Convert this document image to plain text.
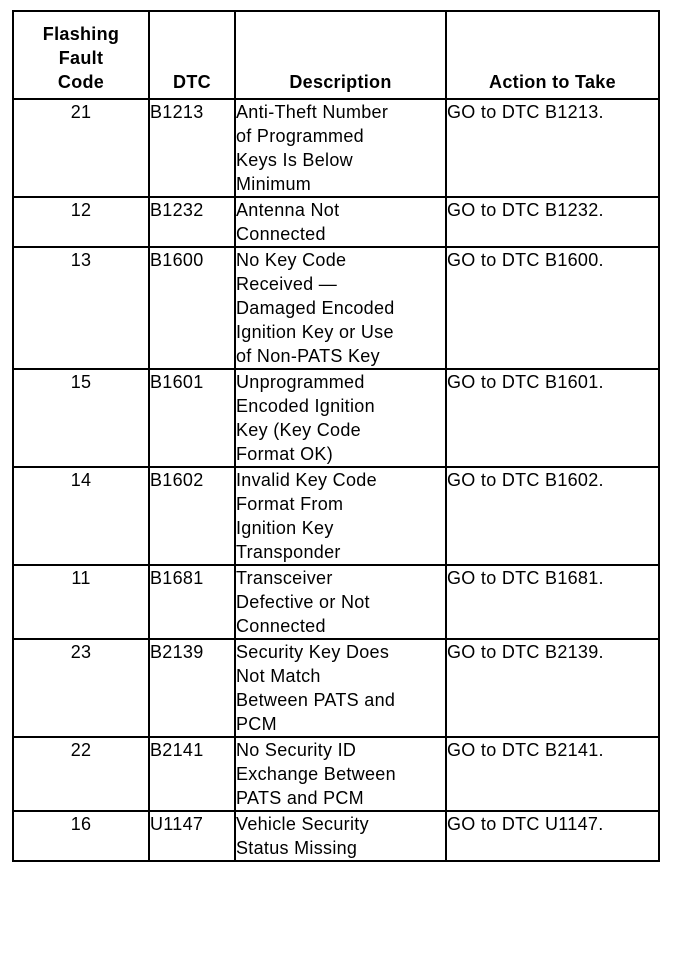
Flashing
Fault
Code	DTC	Description	Action to Take
21	B1213	Anti-Theft Number
of Programmed
Keys Is Below
Minimum	GO to DTC B1213.
12	B1232	Antenna Not
Connected	GO to DTC B1232.
13	B1600	No Key Code
Received —
Damaged Encoded
Ignition Key or Use
of Non-PATS Key	GO to DTC B1600.
15	B1601	Unprogrammed
Encoded Ignition
Key (Key Code
Format OK)	GO to DTC B1601.
14	B1602	Invalid Key Code
Format From
Ignition Key
Transponder	GO to DTC B1602.
11	B1681	Transceiver
Defective or Not
Connected	GO to DTC B1681.
23	B2139	Security Key Does
Not Match
Between PATS and
PCM	GO to DTC B2139.
22	B2141	No Security ID
Exchange Between
PATS and PCM	GO to DTC B2141.
16	U1147	Vehicle Security
Status Missing	GO to DTC U1147.
